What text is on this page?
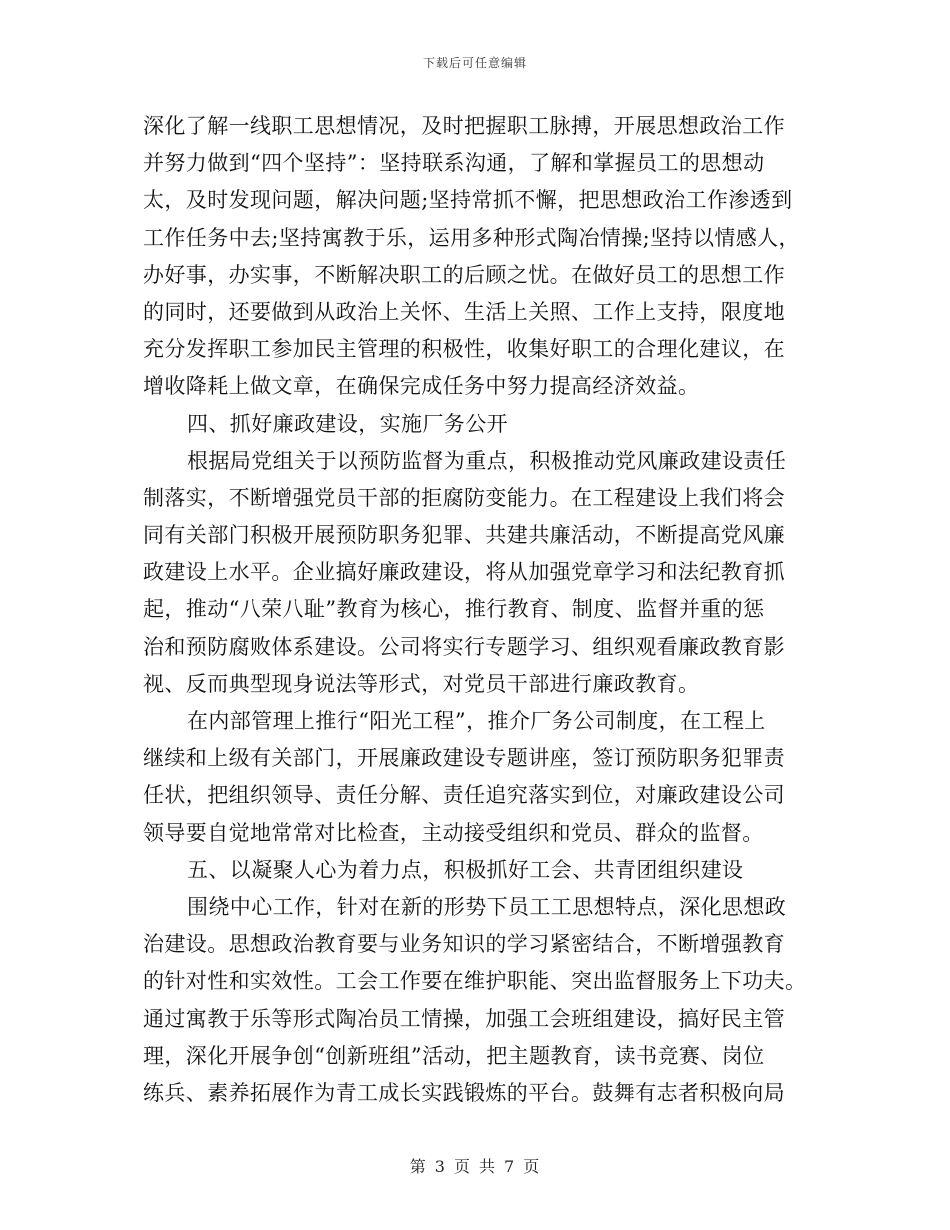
下载后可任意编辑
深化了解一线职工思想情况，及时把握职工脉搏，开展思想政治工作
并努力做到“四个坚持”：坚持联系沟通，了解和掌握员工的思想动
太，及时发现问题，解决问题;坚持常抓不懈，把思想政治工作渗透到
工作任务中去;坚持寓教于乐，运用多种形式陶冶情操;坚持以情感人，
办好事，办实事，不断解决职工的后顾之忧。在做好员工的思想工作
的同时，还要做到从政治上关怀、生活上关照、工作上支持，限度地
充分发挥职工参加民主管理的积极性，收集好职工的合理化建议，在
增收降耗上做文章，在确保完成任务中努力提高经济效益。
四、抓好廉政建设，实施厂务公开
根据局党组关于以预防监督为重点，积极推动党风廉政建设责任
制落实，不断增强党员干部的拒腐防变能力。在工程建设上我们将会
同有关部门积极开展预防职务犯罪、共建共廉活动，不断提高党风廉
政建设上水平。企业搞好廉政建设，将从加强党章学习和法纪教育抓
起，推动“八荣八耻”教育为核心，推行教育、制度、监督并重的惩
治和预防腐败体系建设。公司将实行专题学习、组织观看廉政教育影
视、反而典型现身说法等形式，对党员干部进行廉政教育。
在内部管理上推行“阳光工程”，推介厂务公司制度，在工程上
继续和上级有关部门，开展廉政建设专题讲座，签订预防职务犯罪责
任状，把组织领导、责任分解、责任追究落实到位，对廉政建设公司
领导要自觉地常常对比检查，主动接受组织和党员、群众的监督。
五、以凝聚人心为着力点，积极抓好工会、共青团组织建设
围绕中心工作，针对在新的形势下员工工思想特点，深化思想政
治建设。思想政治教育要与业务知识的学习紧密结合，不断增强教育
的针对性和实效性。工会工作要在维护职能、突出监督服务上下功夫。
通过寓教于乐等形式陶冶员工情操，加强工会班组建设，搞好民主管
理，深化开展争创“创新班组”活动，把主题教育，读书竞赛、岗位
练兵、素养拓展作为青工成长实践锻炼的平台。鼓舞有志者积极向局
第 3 页 共 7 页
